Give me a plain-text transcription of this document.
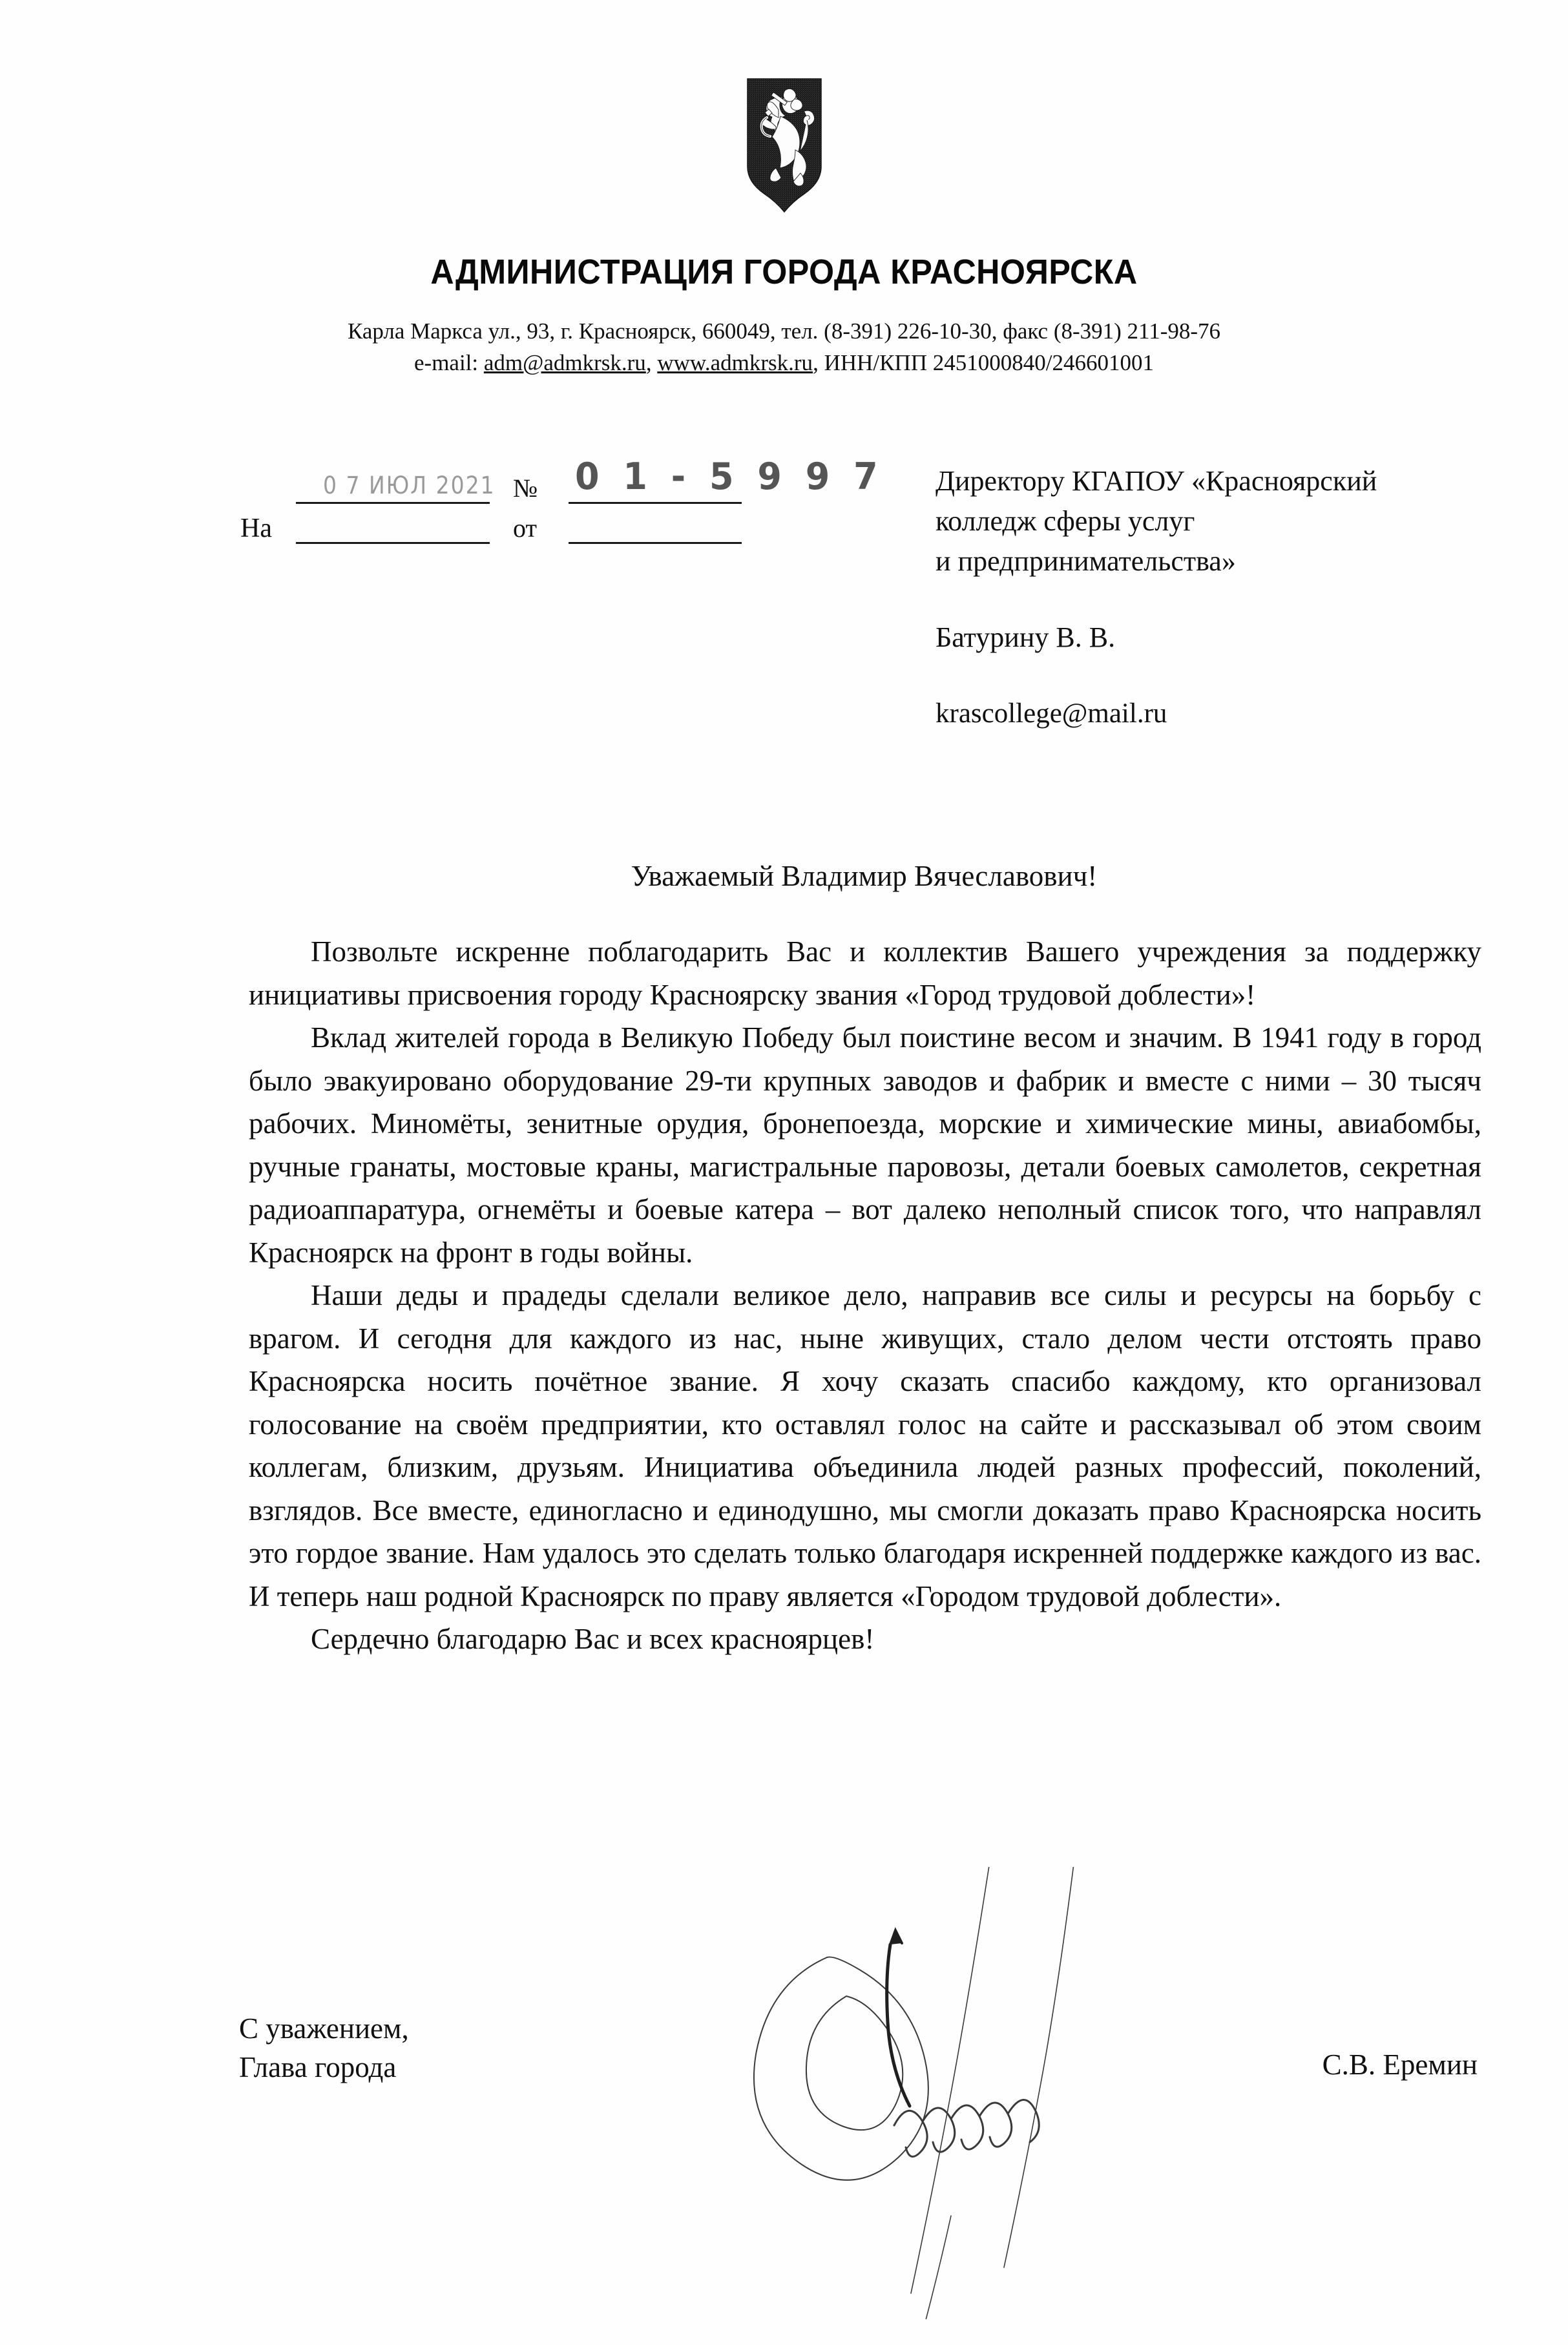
АДМИНИСТРАЦИЯ ГОРОДА КРАСНОЯРСКА
Карла Маркса ул., 93, г. Красноярск, 660049, тел. (8-391) 226-10-30, факс (8-391) 211-98-76
e-mail: adm@admkrsk.ru, www.admkrsk.ru, ИНН/КПП 2451000840/246601001

0 7 ИЮЛ 2021 №	0 1 - 5 9 9 7
На	от
Директору КГАПОУ «Красноярский
колледж сферы услуг
и предпринимательства»
Батурину В. В.
krascollege@mail.ru
Уважаемый Владимир Вячеславович!

Позвольте искренне поблагодарить Вас и коллектив Вашего учреждения за поддержку инициативы присвоения городу Красноярску звания «Город трудовой доблести»!

Вклад жителей города в Великую Победу был поистине весом и значим. В 1941 году в город было эвакуировано оборудование 29-ти крупных заводов и фабрик и вместе с ними – 30 тысяч рабочих. Миномёты, зенитные орудия, бронепоезда, морские и химические мины, авиабомбы, ручные гранаты, мостовые краны, магистральные паровозы, детали боевых самолетов, секретная радиоаппаратура, огнемёты и боевые катера – вот далеко неполный список того, что направлял Красноярск на фронт в годы войны.

Наши деды и прадеды сделали великое дело, направив все силы и ресурсы на борьбу с врагом. И сегодня для каждого из нас, ныне живущих, стало делом чести отстоять право Красноярска носить почётное звание. Я хочу сказать спасибо каждому, кто организовал голосование на своём предприятии, кто оставлял голос на сайте и рассказывал об этом своим коллегам, близким, друзьям. Инициатива объединила людей разных профессий, поколений, взглядов. Все вместе, единогласно и единодушно, мы смогли доказать право Красноярска носить это гордое звание. Нам удалось это сделать только благодаря искренней поддержке каждого из вас. И теперь наш родной Красноярск по праву является «Городом трудовой доблести».

Сердечно благодарю Вас и всех красноярцев!

С уважением,
Глава города	С.В. Еремин
